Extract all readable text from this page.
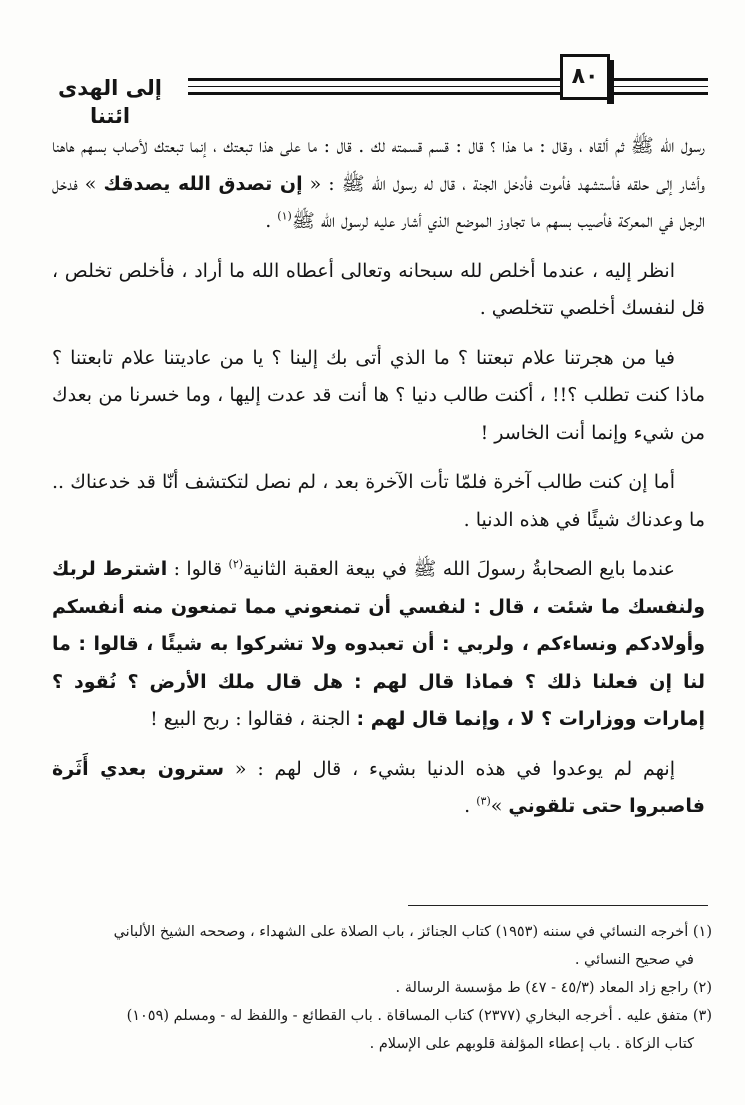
إلى الهدى ائتنا
٨٠

رسول الله ﷺ ثم ألقاه ، وقال : ما هذا ؟ قال : قسم قسمته لك . قال : ما على هذا تبعتك ، إنما تبعتك لأصاب بسهم هاهنا وأشار إلى حلقه فأستشهد فأموت فأدخل الجنة ، قال له رسول الله ﷺ : « إن تصدق الله يصدقك » فدخل الرجل في المعركة فأصيب بسهم ما تجاوز الموضع الذي أشار عليه لرسول الله ﷺ$^{(١)}$ .

انظر إليه ، عندما أخلص لله سبحانه وتعالى أعطاه الله ما أراد ، فأخلص تخلص ، قل لنفسك أخلصي تتخلصي .

فيا من هجرتنا علام تبعتنا ؟ ما الذي أتى بك إلينا ؟ يا من عاديتنا علام تابعتنا ؟ ماذا كنت تطلب ؟!! ، أكنت طالب دنيا ؟ ها أنت قد عدت إليها ، وما خسرنا من بعدك من شيء وإنما أنت الخاسر !

أما إن كنت طالب آخرة فلمّا تأت الآخرة بعد ، لم نصل لتكتشف أنّا قد خدعناك .. ما وعدناك شيئًا في هذه الدنيا .

عندما بايع الصحابةُ رسولَ الله ﷺ في بيعة العقبة الثانية$^{(٢)}$ قالوا : اشترط لربك ولنفسك ما شئت ، قال : لنفسي أن تمنعوني مما تمنعون منه أنفسكم وأولادكم ونساءكم ، ولربي : أن تعبدوه ولا تشركوا به شيئًا ، قالوا : ما لنا إن فعلنا ذلك ؟ فماذا قال لهم : هل قال ملك الأرض ؟ نُقود ؟ إمارات ووزارات ؟ لا ، وإنما قال لهم : الجنة ، فقالوا : ربح البيع !

إنهم لم يوعدوا في هذه الدنيا بشيء ، قال لهم : « سترون بعدي أَثَرة فاصبروا حتى تلقوني »$^{(٣)}$ .

(١) أخرجه النسائي في سننه (١٩٥٣) كتاب الجنائز ، باب الصلاة على الشهداء ، وصححه الشيخ الألباني

في صحيح النسائي .

(٢) راجع زاد المعاد (٤٥/٣ - ٤٧) ط مؤسسة الرسالة .

(٣) متفق عليه . أخرجه البخاري (٢٣٧٧) كتاب المساقاة . باب القطائع - واللفظ له - ومسلم (١٠٥٩)

كتاب الزكاة . باب إعطاء المؤلفة قلوبهم على الإسلام .
